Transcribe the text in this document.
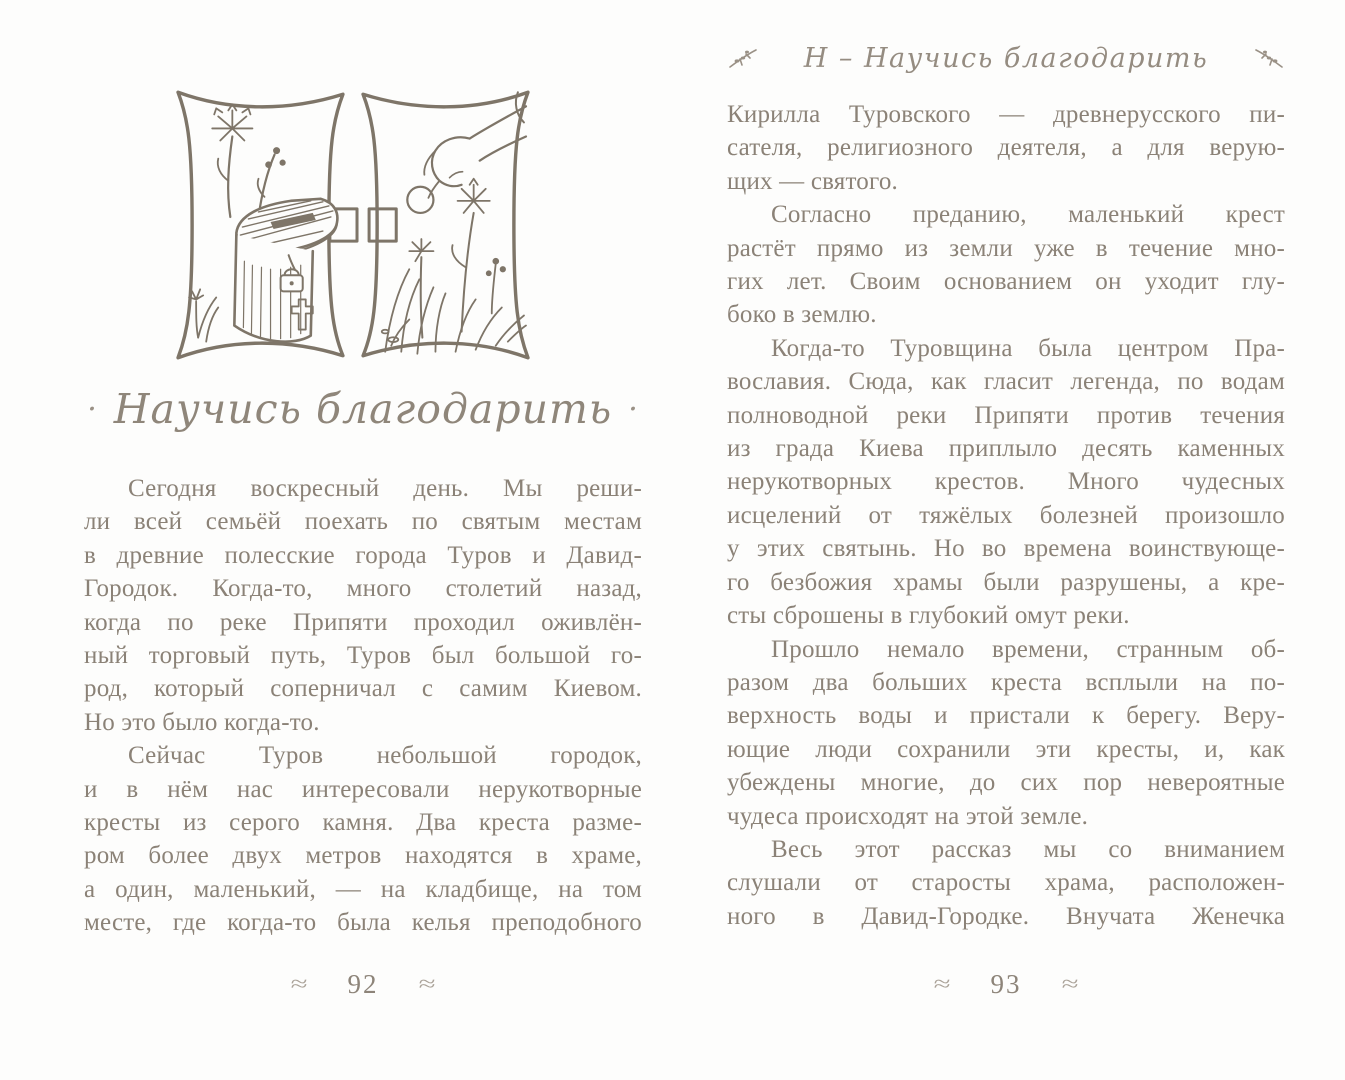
· Научись благодарить ·
Сегодня воскресный день. Мы реши-
ли всей семьёй поехать по святым местам
в древние полесские города Туров и Давид-
Городок. Когда-то, много столетий назад,
когда по реке Припяти проходил оживлён-
ный торговый путь, Туров был большой го-
род, который соперничал с самим Киевом.
Но это было когда-то.
Сейчас Туров небольшой городок,
и в нём нас интересовали нерукотворные
кресты из серого камня. Два креста разме-
ром более двух метров находятся в храме,
а один, маленький, — на кладбище, на том
месте, где когда-то была келья преподобного
≈ 92 ≈
Н – Научись благодарить
Кирилла Туровского — древнерусского пи-
сателя, религиозного деятеля, а для верую-
щих — святого.
Согласно преданию, маленький крест
растёт прямо из земли уже в течение мно-
гих лет. Своим основанием он уходит глу-
боко в землю.
Когда-то Туровщина была центром Пра-
вославия. Сюда, как гласит легенда, по водам
полноводной реки Припяти против течения
из града Киева приплыло десять каменных
нерукотворных крестов. Много чудесных
исцелений от тяжёлых болезней произошло
у этих святынь. Но во времена воинствующе-
го безбожия храмы были разрушены, а кре-
сты сброшены в глубокий омут реки.
Прошло немало времени, странным об-
разом два больших креста всплыли на по-
верхность воды и пристали к берегу. Веру-
ющие люди сохранили эти кресты, и, как
убеждены многие, до сих пор невероятные
чудеса происходят на этой земле.
Весь этот рассказ мы со вниманием
слушали от старосты храма, расположен-
ного в Давид-Городке. Внучата Женечка
≈ 93 ≈
